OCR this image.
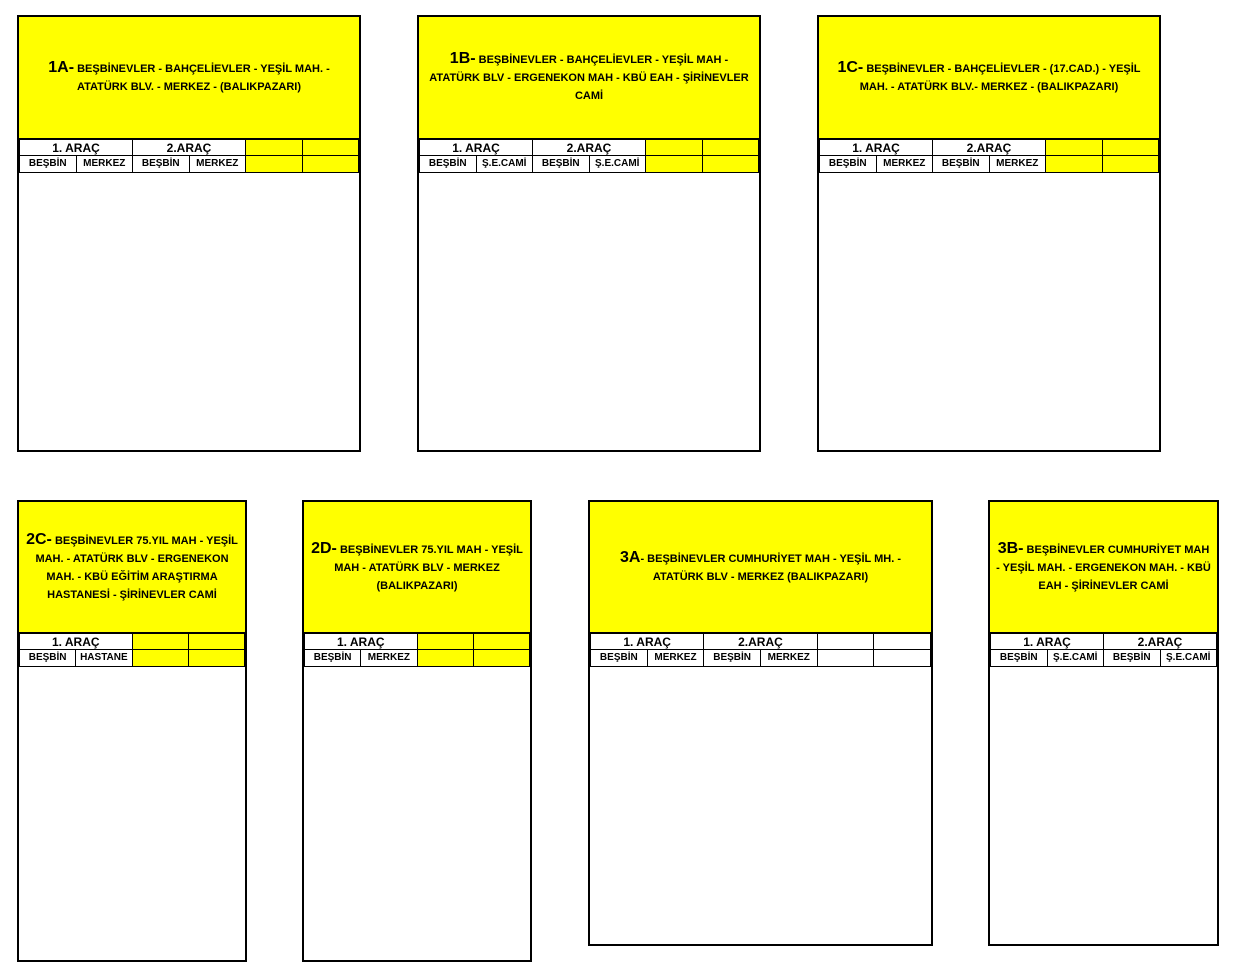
1A- BEŞBİNEVLER - BAHÇELİEVLER - YEŞİL MAH. - ATATÜRK BLV. - MERKEZ - (BALIKPAZARI)
1. ARAÇ		2.ARAÇ			
BEŞBİN	MERKEZ	BEŞBİN	MERKEZ		

1B- BEŞBİNEVLER - BAHÇELİEVLER - YEŞİL MAH - ATATÜRK BLV - ERGENEKON MAH - KBÜ EAH - ŞİRİNEVLER CAMİ
1. ARAÇ		2.ARAÇ			
BEŞBİN	Ş.E.CAMİ	BEŞBİN	Ş.E.CAMİ		

1C- BEŞBİNEVLER - BAHÇELİEVLER - (17.CAD.) - YEŞİL MAH. - ATATÜRK BLV.- MERKEZ - (BALIKPAZARI)
1. ARAÇ		2.ARAÇ			
BEŞBİN	MERKEZ	BEŞBİN	MERKEZ		

2C- BEŞBİNEVLER 75.YIL MAH - YEŞİL MAH. - ATATÜRK BLV - ERGENEKON MAH. - KBÜ EĞİTİM ARAŞTIRMA HASTANESİ - ŞİRİNEVLER CAMİ
1. ARAÇ			
BEŞBİN	HASTANE		

2D- BEŞBİNEVLER 75.YIL MAH - YEŞİL MAH - ATATÜRK BLV - MERKEZ (BALIKPAZARI)
1. ARAÇ			
BEŞBİN	MERKEZ		

3A- BEŞBİNEVLER CUMHURİYET MAH - YEŞİL MH. - ATATÜRK BLV - MERKEZ (BALIKPAZARI)
1. ARAÇ		2.ARAÇ			
BEŞBİN	MERKEZ	BEŞBİN	MERKEZ		

3B- BEŞBİNEVLER CUMHURİYET MAH - YEŞİL MAH. - ERGENEKON MAH. - KBÜ EAH - ŞİRİNEVLER CAMİ
1. ARAÇ		2.ARAÇ	
BEŞBİN	Ş.E.CAMİ	BEŞBİN	Ş.E.CAMİ
